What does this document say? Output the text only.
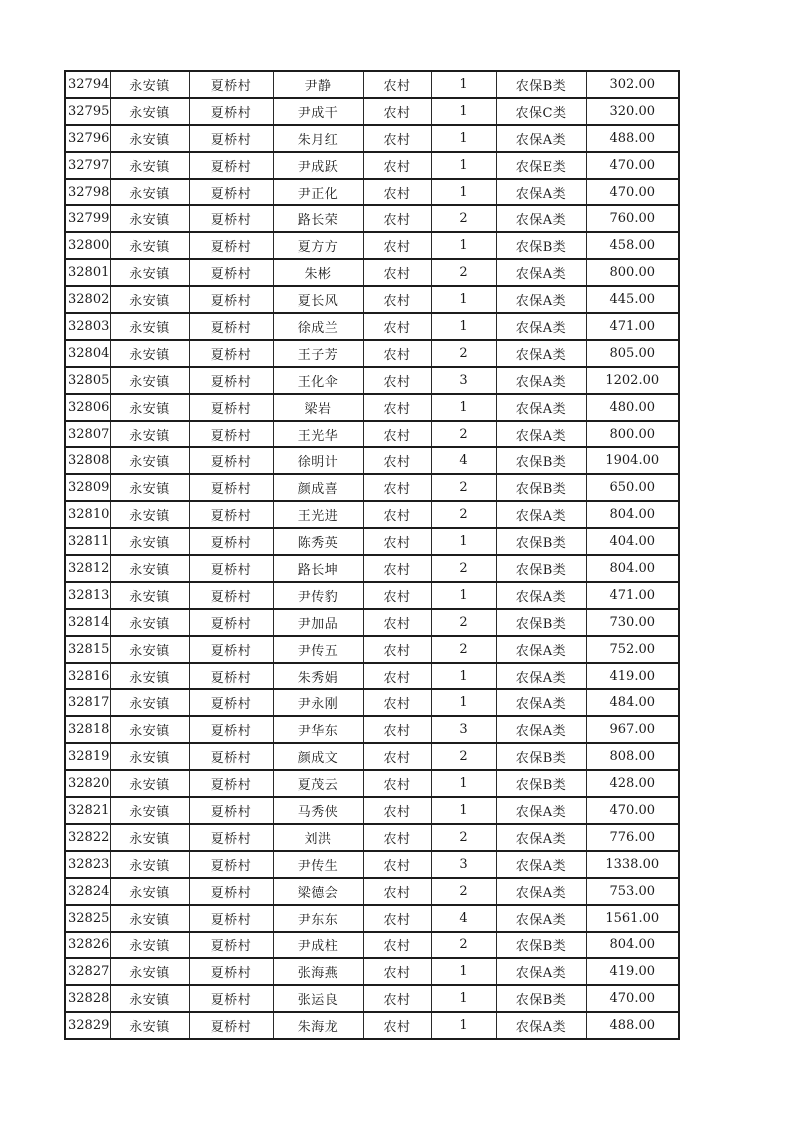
32794	永安镇	夏桥村	尹静	农村	1	农保B类	302.00
32795	永安镇	夏桥村	尹成干	农村	1	农保C类	320.00
32796	永安镇	夏桥村	朱月红	农村	1	农保A类	488.00
32797	永安镇	夏桥村	尹成跃	农村	1	农保E类	470.00
32798	永安镇	夏桥村	尹正化	农村	1	农保A类	470.00
32799	永安镇	夏桥村	路长荣	农村	2	农保A类	760.00
32800	永安镇	夏桥村	夏方方	农村	1	农保B类	458.00
32801	永安镇	夏桥村	朱彬	农村	2	农保A类	800.00
32802	永安镇	夏桥村	夏长风	农村	1	农保A类	445.00
32803	永安镇	夏桥村	徐成兰	农村	1	农保A类	471.00
32804	永安镇	夏桥村	王子芳	农村	2	农保A类	805.00
32805	永安镇	夏桥村	王化伞	农村	3	农保A类	1202.00
32806	永安镇	夏桥村	梁岩	农村	1	农保A类	480.00
32807	永安镇	夏桥村	王光华	农村	2	农保A类	800.00
32808	永安镇	夏桥村	徐明计	农村	4	农保B类	1904.00
32809	永安镇	夏桥村	颜成喜	农村	2	农保B类	650.00
32810	永安镇	夏桥村	王光进	农村	2	农保A类	804.00
32811	永安镇	夏桥村	陈秀英	农村	1	农保B类	404.00
32812	永安镇	夏桥村	路长坤	农村	2	农保B类	804.00
32813	永安镇	夏桥村	尹传豹	农村	1	农保A类	471.00
32814	永安镇	夏桥村	尹加品	农村	2	农保B类	730.00
32815	永安镇	夏桥村	尹传五	农村	2	农保A类	752.00
32816	永安镇	夏桥村	朱秀娟	农村	1	农保A类	419.00
32817	永安镇	夏桥村	尹永刚	农村	1	农保A类	484.00
32818	永安镇	夏桥村	尹华东	农村	3	农保A类	967.00
32819	永安镇	夏桥村	颜成文	农村	2	农保B类	808.00
32820	永安镇	夏桥村	夏茂云	农村	1	农保B类	428.00
32821	永安镇	夏桥村	马秀侠	农村	1	农保A类	470.00
32822	永安镇	夏桥村	刘洪	农村	2	农保A类	776.00
32823	永安镇	夏桥村	尹传生	农村	3	农保A类	1338.00
32824	永安镇	夏桥村	梁德会	农村	2	农保A类	753.00
32825	永安镇	夏桥村	尹东东	农村	4	农保A类	1561.00
32826	永安镇	夏桥村	尹成柱	农村	2	农保B类	804.00
32827	永安镇	夏桥村	张海燕	农村	1	农保A类	419.00
32828	永安镇	夏桥村	张运良	农村	1	农保B类	470.00
32829	永安镇	夏桥村	朱海龙	农村	1	农保A类	488.00
